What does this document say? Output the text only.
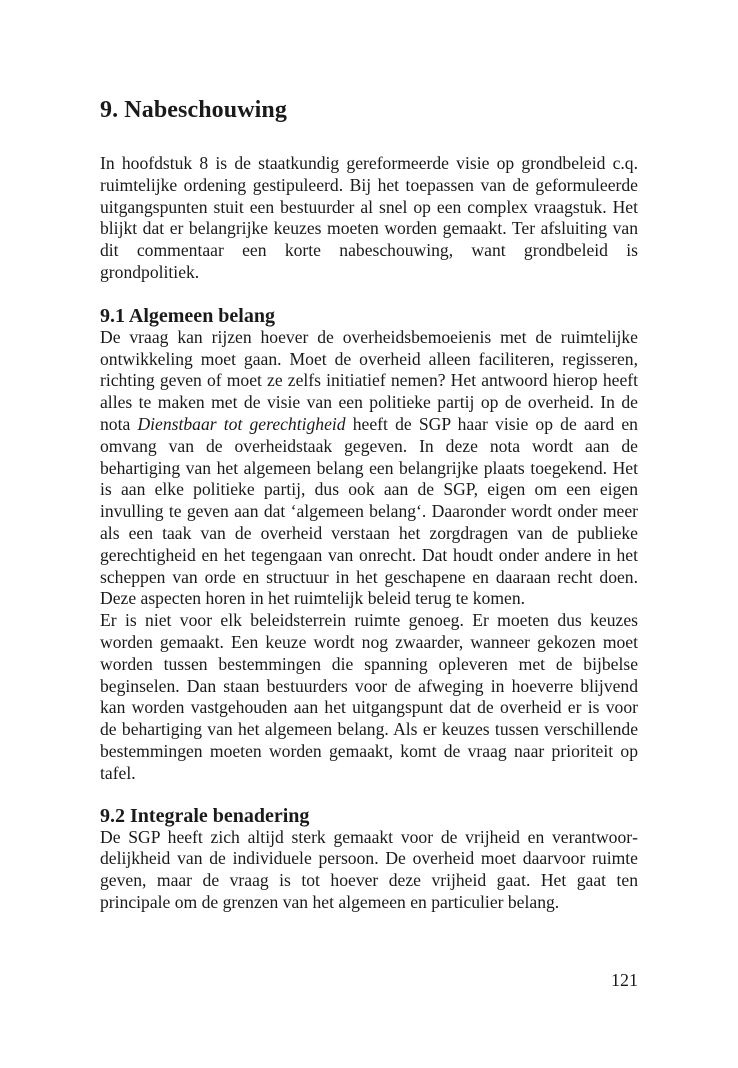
9. Nabeschouwing

In hoofdstuk 8 is de staatkundig gereformeerde visie op grondbeleid c.q. ruimtelijke ordening gestipuleerd. Bij het toepassen van de geformuleerde uitgangspunten stuit een bestuurder al snel op een complex vraagstuk. Het blijkt dat er belangrijke keuzes moeten worden gemaakt. Ter afsluiting van dit commentaar een korte nabeschouwing, want grondbeleid is grondpolitiek.

9.1 Algemeen belang

De vraag kan rijzen hoever de overheidsbemoeienis met de ruimtelijke ontwikkeling moet gaan. Moet de overheid alleen faciliteren, regisseren, richting geven of moet ze zelfs initiatief nemen? Het antwoord hierop heeft alles te maken met de visie van een politieke partij op de overheid. In de nota Dienstbaar tot gerechtigheid heeft de SGP haar visie op de aard en omvang van de overheidstaak gegeven. In deze nota wordt aan de behartiging van het algemeen belang een belangrijke plaats toegekend. Het is aan elke politieke partij, dus ook aan de SGP, eigen om een eigen invulling te geven aan dat ‘algemeen belang‘. Daaronder wordt onder meer als een taak van de overheid verstaan het zorgdragen van de publieke gerechtigheid en het tegengaan van onrecht. Dat houdt onder andere in het scheppen van orde en structuur in het geschapene en daaraan recht doen. Deze aspecten horen in het ruimtelijk beleid terug te komen.

Er is niet voor elk beleidsterrein ruimte genoeg. Er moeten dus keuzes worden gemaakt. Een keuze wordt nog zwaarder, wanneer gekozen moet worden tussen bestemmingen die spanning opleveren met de bijbelse beginselen. Dan staan bestuurders voor de afweging in hoeverre blijvend kan worden vastgehouden aan het uitgangspunt dat de overheid er is voor de behartiging van het algemeen belang. Als er keuzes tussen verschillende bestemmingen moeten worden gemaakt, komt de vraag naar prioriteit op tafel.

9.2 Integrale benadering

De SGP heeft zich altijd sterk gemaakt voor de vrijheid en verantwoordelijkheid van de individuele persoon. De overheid moet daarvoor ruimte geven, maar de vraag is tot hoever deze vrijheid gaat. Het gaat ten principale om de grenzen van het algemeen en particulier belang.

121
